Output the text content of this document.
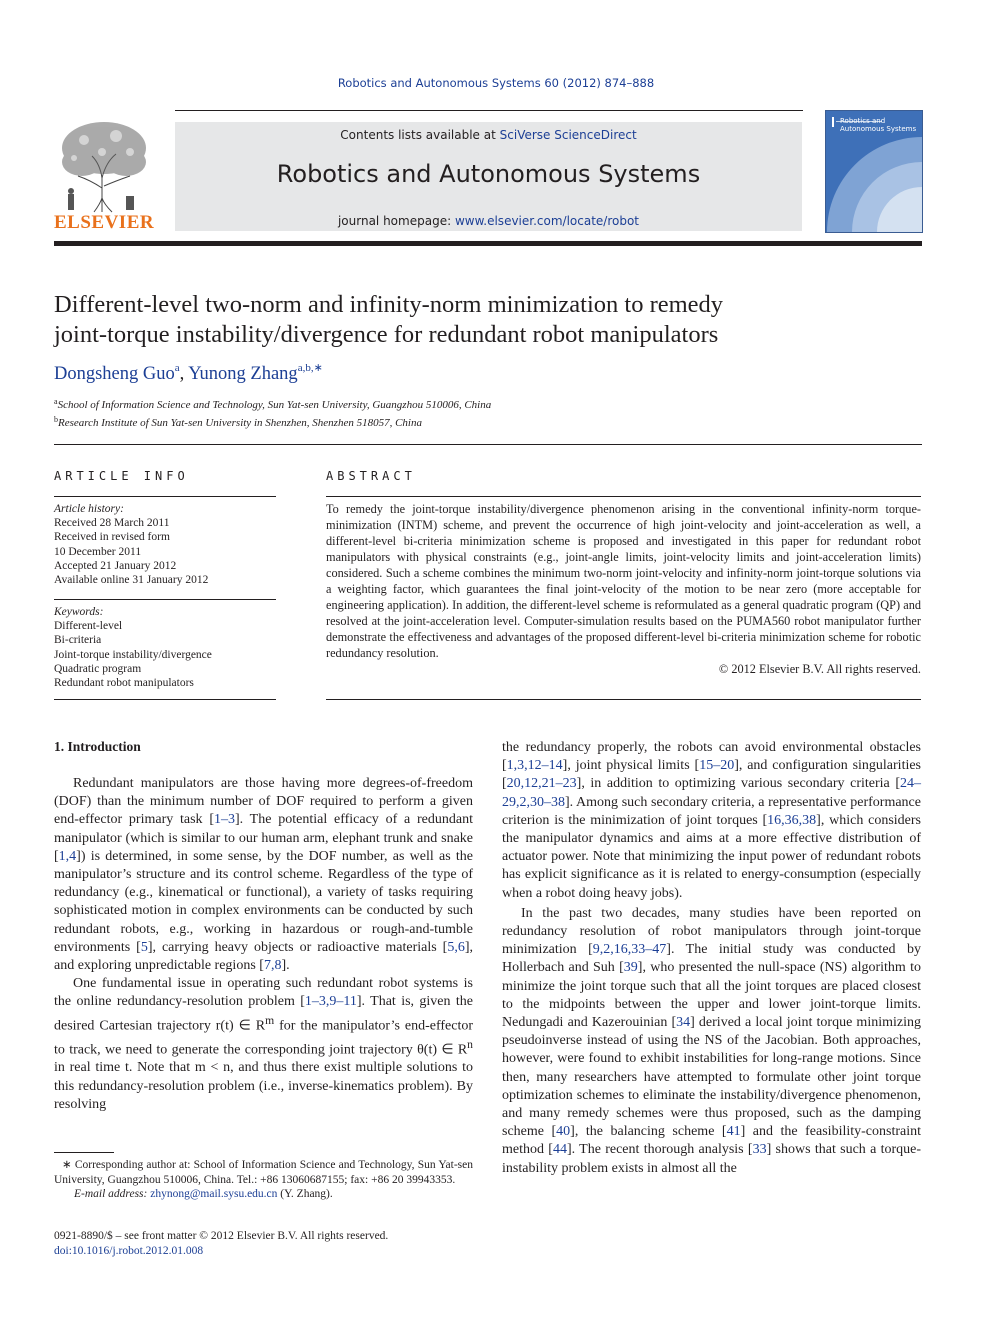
Robotics and Autonomous Systems 60 (2012) 874–888
ELSEVIER
Contents lists available at SciVerse ScienceDirect
Robotics and Autonomous Systems
journal homepage: www.elsevier.com/locate/robot
Robotics and Autonomous Systems
Different-level two-norm and infinity-norm minimization to remedy
joint-torque instability/divergence for redundant robot manipulators
Dongsheng Guo$^a$, Yunong Zhang$^{a,b,∗}$
$^a$School of Information Science and Technology, Sun Yat-sen University, Guangzhou 510006, China
$^b$Research Institute of Sun Yat-sen University in Shenzhen, Shenzhen 518057, China
ARTICLE INFO
Article history:
Received 28 March 2011
Received in revised form
10 December 2011
Accepted 21 January 2012
Available online 31 January 2012
Keywords:
Different-level
Bi-criteria
Joint-torque instability/divergence
Quadratic program
Redundant robot manipulators
ABSTRACT
To remedy the joint-torque instability/divergence phenomenon arising in the conventional infinity-norm torque-minimization (INTM) scheme, and prevent the occurrence of high joint-velocity and joint-acceleration as well, a different-level bi-criteria minimization scheme is proposed and investigated in this paper for redundant robot manipulators with physical constraints (e.g., joint-angle limits, joint-velocity limits and joint-acceleration limits) considered. Such a scheme combines the minimum two-norm joint-velocity and infinity-norm joint-torque solutions via a weighting factor, which guarantees the final joint-velocity of the motion to be near zero (more acceptable for engineering application). In addition, the different-level scheme is reformulated as a general quadratic program (QP) and resolved at the joint-acceleration level. Computer-simulation results based on the PUMA560 robot manipulator further demonstrate the effectiveness and advantages of the proposed different-level bi-criteria minimization scheme for robotic redundancy resolution.
© 2012 Elsevier B.V. All rights reserved.
1. Introduction

Redundant manipulators are those having more degrees-of-freedom (DOF) than the minimum number of DOF required to perform a given end-effector primary task [1–3]. The potential efficacy of a redundant manipulator (which is similar to our human arm, elephant trunk and snake [1,4]) is determined, in some sense, by the DOF number, as well as the manipulator’s structure and its control scheme. Regardless of the type of redundancy (e.g., kinematical or functional), a variety of tasks requiring sophisticated motion in complex environments can be conducted by such redundant robots, e.g., working in hazardous or rough-and-tumble environments [5], carrying heavy objects or radioactive materials [5,6], and exploring unpredictable regions [7,8].

One fundamental issue in operating such redundant robot systems is the online redundancy-resolution problem [1–3,9–11]. That is, given the desired Cartesian trajectory r(t) ∈ $R^m$ for the manipulator’s end-effector to track, we need to generate the corresponding joint trajectory θ(t) ∈ $R^n$ in real time t. Note that m < n, and thus there exist multiple solutions to this redundancy-resolution problem (i.e., inverse-kinematics problem). By resolving

the redundancy properly, the robots can avoid environmental obstacles [1,3,12–14], joint physical limits [15–20], and configuration singularities [20,12,21–23], in addition to optimizing various secondary criteria [24–29,2,30–38]. Among such secondary criteria, a representative performance criterion is the minimization of joint torques [16,36,38], which considers the manipulator dynamics and aims at a more effective distribution of actuator power. Note that minimizing the input power of redundant robots has explicit significance as it is related to energy-consumption (especially when a robot doing heavy jobs).

In the past two decades, many studies have been reported on redundancy resolution of robot manipulators through joint-torque minimization [9,2,16,33–47]. The initial study was conducted by Hollerbach and Suh [39], who presented the null-space (NS) algorithm to minimize the joint torque such that all the joint torques are placed closest to the midpoints between the upper and lower joint-torque limits. Nedungadi and Kazerouinian [34] derived a local joint torque minimizing pseudoinverse instead of using the NS of the Jacobian. Both approaches, however, were found to exhibit instabilities for long-range motions. Since then, many researchers have attempted to formulate other joint torque optimization schemes to eliminate the instability/divergence phenomenon, and many remedy schemes were thus proposed, such as the damping scheme [40], the balancing scheme [41] and the feasibility-constraint method [44]. The recent thorough analysis [33] shows that such a torque-instability problem exists in almost all the

∗ Corresponding author at: School of Information Science and Technology, Sun Yat-sen University, Guangzhou 510006, China. Tel.: +86 13060687155; fax: +86 20 39943353.

E-mail address: zhynong@mail.sysu.edu.cn (Y. Zhang).

0921-8890/$ – see front matter © 2012 Elsevier B.V. All rights reserved.
doi:10.1016/j.robot.2012.01.008
